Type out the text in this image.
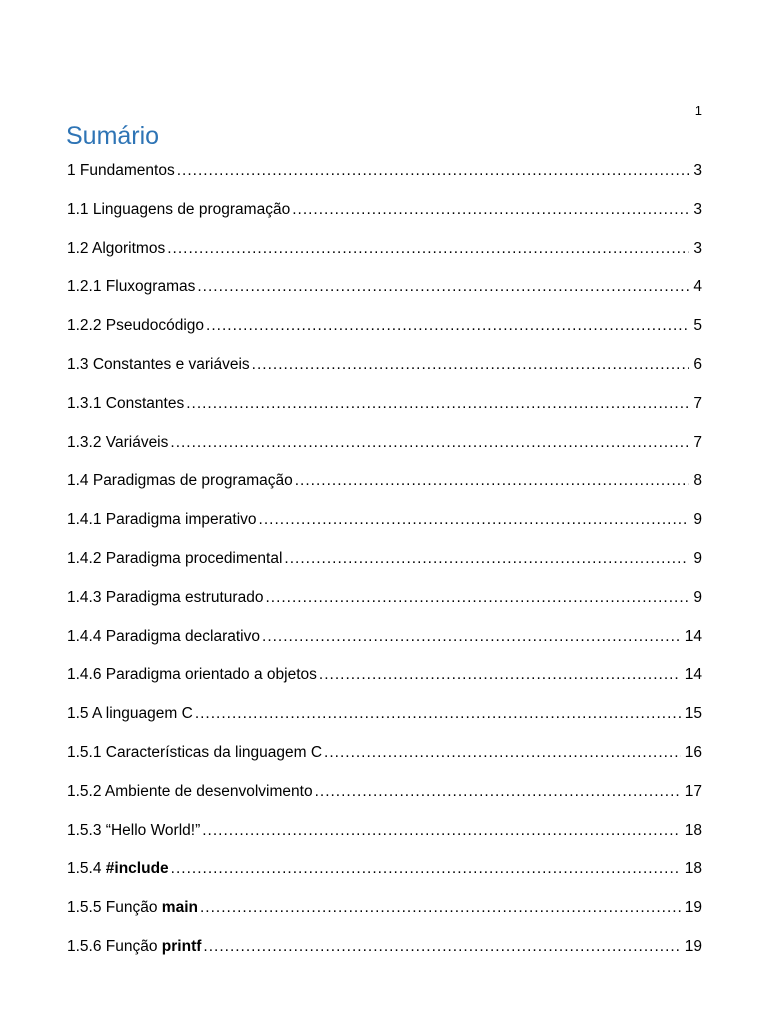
1
Sumário
1 Fundamentos .....	3
1.1 Linguagens de programação .....	3
1.2 Algoritmos .....	3
1.2.1 Fluxogramas .....	4
1.2.2 Pseudocódigo .....	5
1.3 Constantes e variáveis .....	6
1.3.1 Constantes .....	7
1.3.2 Variáveis .....	7
1.4 Paradigmas de programação .....	8
1.4.1 Paradigma imperativo .....	9
1.4.2 Paradigma procedimental .....	9
1.4.3 Paradigma estruturado .....	9
1.4.4 Paradigma declarativo .....	14
1.4.6 Paradigma orientado a objetos .....	14
1.5 A linguagem C .....	15
1.5.1 Características da linguagem C .....	16
1.5.2 Ambiente de desenvolvimento .....	17
1.5.3 “Hello World!” .....	18
1.5.4 #include .....	18
1.5.5 Função main .....	19
1.5.6 Função printf .....	19
